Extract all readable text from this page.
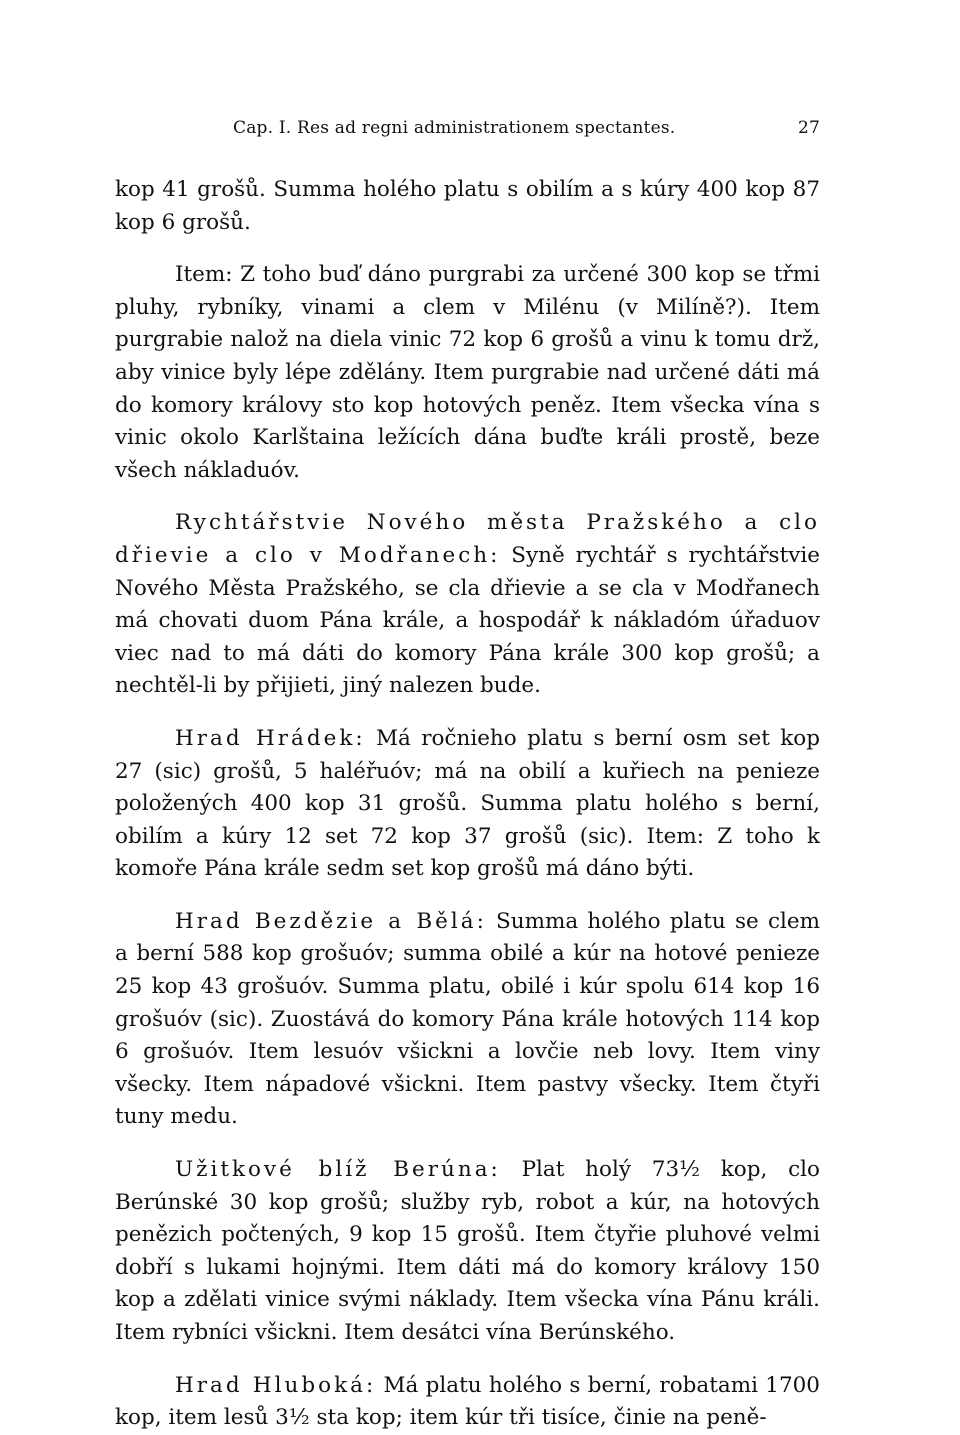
Cap. I. Res ad regni administrationem spectantes.	27

kop 41 grošů. Summa holého platu s obilím a s kúry 400 kop 87 kop 6 grošů.

Item: Z toho buď dáno purgrabi za určené 300 kop se třmi pluhy, rybníky, vinami a clem v Milénu (v Milíně?). Item purgrabie nalož na diela vinic 72 kop 6 grošů a vinu k tomu drž, aby vinice byly lépe zdělány. Item purgrabie nad určené dáti má do komory královy sto kop hotových peněz. Item všecka vína s vinic okolo Karlštaina ležících dána buďte králi prostě, beze všech nákladuóv.

Rychtářstvie Nového města Pražského a clo dřievie a clo v Modřanech: Syně rychtář s rychtářstvie Nového Města Pražského, se cla dřievie a se cla v Modřanech má chovati duom Pána krále, a hospodář k nákladóm úřaduov viec nad to má dáti do komory Pána krále 300 kop grošů; a nechtěl-li by přijieti, jiný nalezen bude.

Hrad Hrádek: Má ročnieho platu s berní osm set kop 27 (sic) grošů, 5 haléřuóv; má na obilí a kuřiech na penieze položených 400 kop 31 grošů. Summa platu holého s berní, obilím a kúry 12 set 72 kop 37 grošů (sic). Item: Z toho k komoře Pána krále sedm set kop grošů má dáno býti.

Hrad Bezdězie a Bělá: Summa holého platu se clem a berní 588 kop grošuóv; summa obilé a kúr na hotové penieze 25 kop 43 grošuóv. Summa platu, obilé i kúr spolu 614 kop 16 grošuóv (sic). Zuostává do komory Pána krále hotových 114 kop 6 grošuóv. Item lesuóv všickni a lovčie neb lovy. Item viny všecky. Item nápadové všickni. Item pastvy všecky. Item čtyři tuny medu.

Užitkové blíž Berúna: Plat holý 73½ kop, clo Berúnské 30 kop grošů; služby ryb, robot a kúr, na hotových penězich počtených, 9 kop 15 grošů. Item čtyřie pluhové velmi dobří s lukami hojnými. Item dáti má do komory královy 150 kop a zdělati vinice svými náklady. Item všecka vína Pánu králi. Item rybníci všickni. Item desátci vína Berúnského.

Hrad Hluboká: Má platu holého s berní, robatami 1700 kop, item lesů 3½ sta kop; item kúr tři tisíce, činie na peně-
